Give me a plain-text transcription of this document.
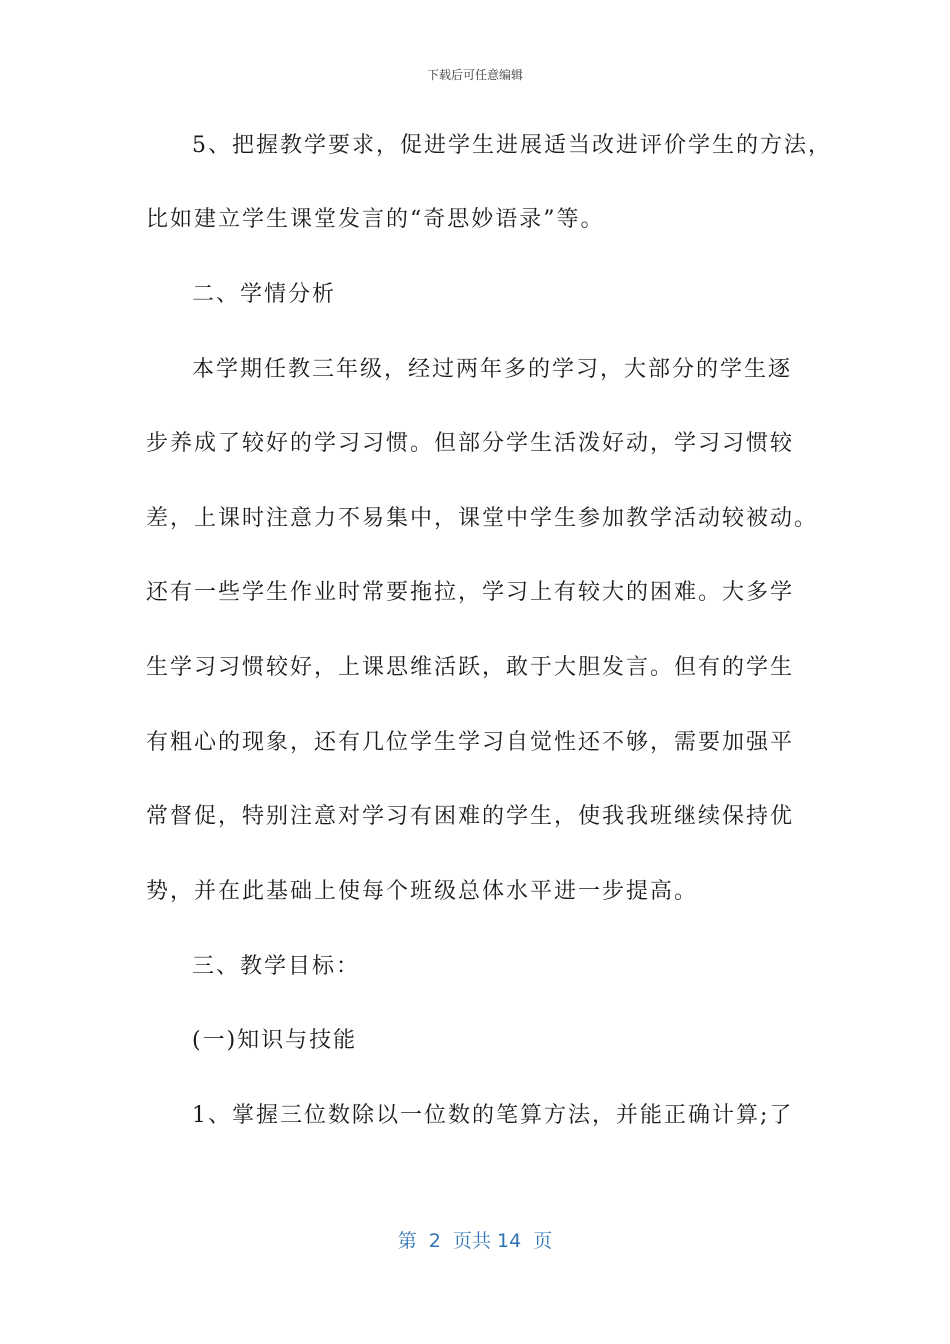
下载后可任意编辑
5、把握教学要求，促进学生进展适当改进评价学生的方法，
比如建立学生课堂发言的“奇思妙语录”等。
二、学情分析
本学期任教三年级，经过两年多的学习，大部分的学生逐
步养成了较好的学习习惯。但部分学生活泼好动，学习习惯较
差，上课时注意力不易集中，课堂中学生参加教学活动较被动。
还有一些学生作业时常要拖拉，学习上有较大的困难。大多学
生学习习惯较好，上课思维活跃，敢于大胆发言。但有的学生
有粗心的现象，还有几位学生学习自觉性还不够，需要加强平
常督促，特别注意对学习有困难的学生，使我我班继续保持优
势，并在此基础上使每个班级总体水平进一步提高。
三、教学目标：
(一)知识与技能
1、掌握三位数除以一位数的笔算方法，并能正确计算;了
第  2  页共 14  页
